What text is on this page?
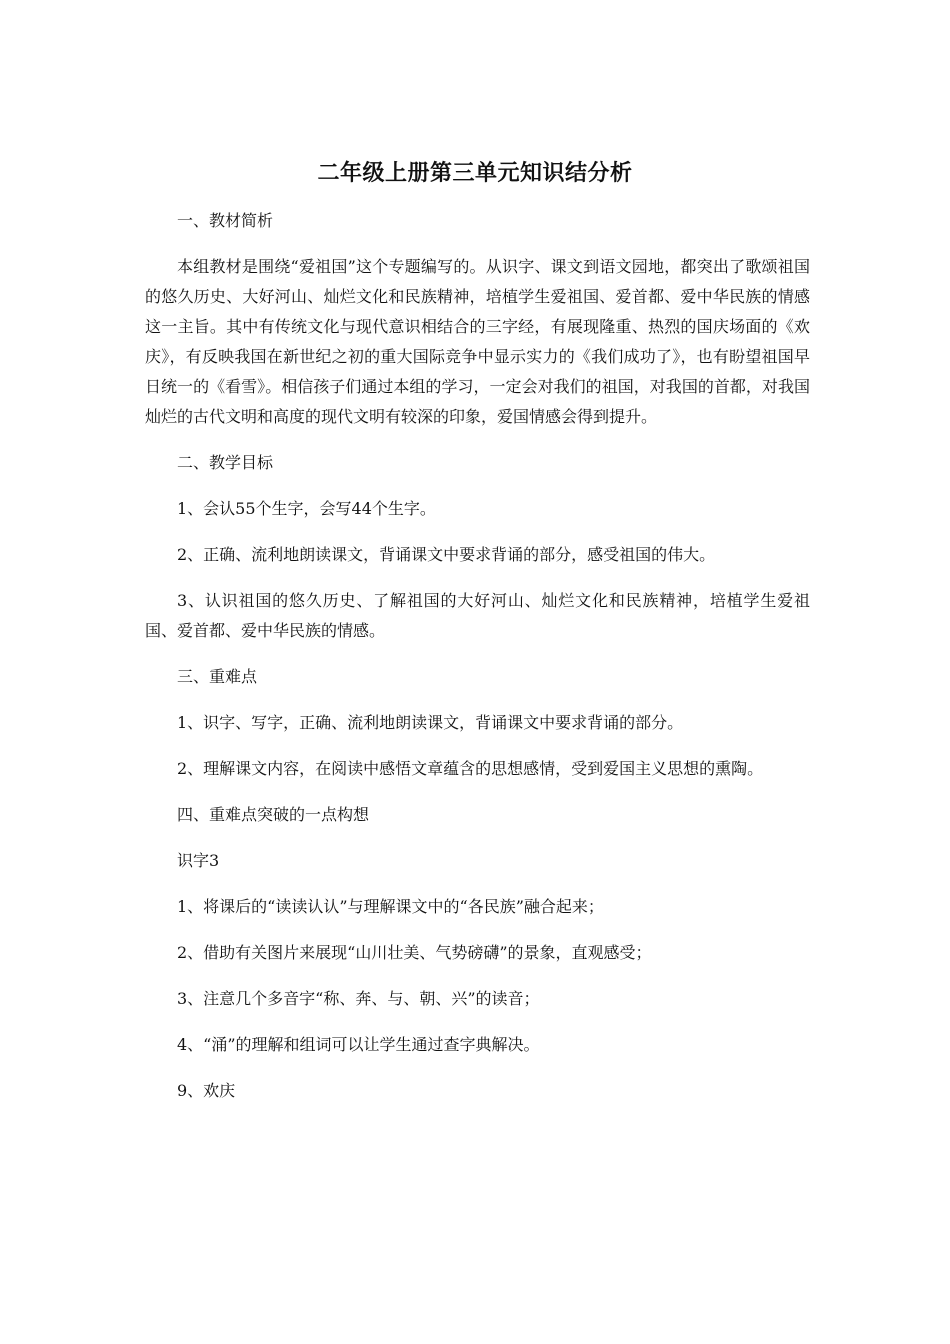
二年级上册第三单元知识结分析

一、教材简析

本组教材是围绕“爱祖国”这个专题编写的。从识字、课文到语文园地，都突出了歌颂祖国的悠久历史、大好河山、灿烂文化和民族精神，培植学生爱祖国、爱首都、爱中华民族的情感这一主旨。其中有传统文化与现代意识相结合的三字经，有展现隆重、热烈的国庆场面的《欢庆》，有反映我国在新世纪之初的重大国际竞争中显示实力的《我们成功了》，也有盼望祖国早日统一的《看雪》。相信孩子们通过本组的学习，一定会对我们的祖国，对我国的首都，对我国灿烂的古代文明和高度的现代文明有较深的印象，爱国情感会得到提升。

二、教学目标

1、会认55个生字，会写44个生字。

2、正确、流利地朗读课文，背诵课文中要求背诵的部分，感受祖国的伟大。

3、认识祖国的悠久历史、了解祖国的大好河山、灿烂文化和民族精神，培植学生爱祖国、爱首都、爱中华民族的情感。

三、重难点

1、识字、写字，正确、流利地朗读课文，背诵课文中要求背诵的部分。

2、理解课文内容，在阅读中感悟文章蕴含的思想感情，受到爱国主义思想的熏陶。

四、重难点突破的一点构想

识字3

1、将课后的“读读认认”与理解课文中的“各民族”融合起来；

2、借助有关图片来展现“山川壮美、气势磅礴”的景象，直观感受；

3、注意几个多音字“称、奔、与、朝、兴”的读音；

4、“涌”的理解和组词可以让学生通过查字典解决。

9、欢庆
